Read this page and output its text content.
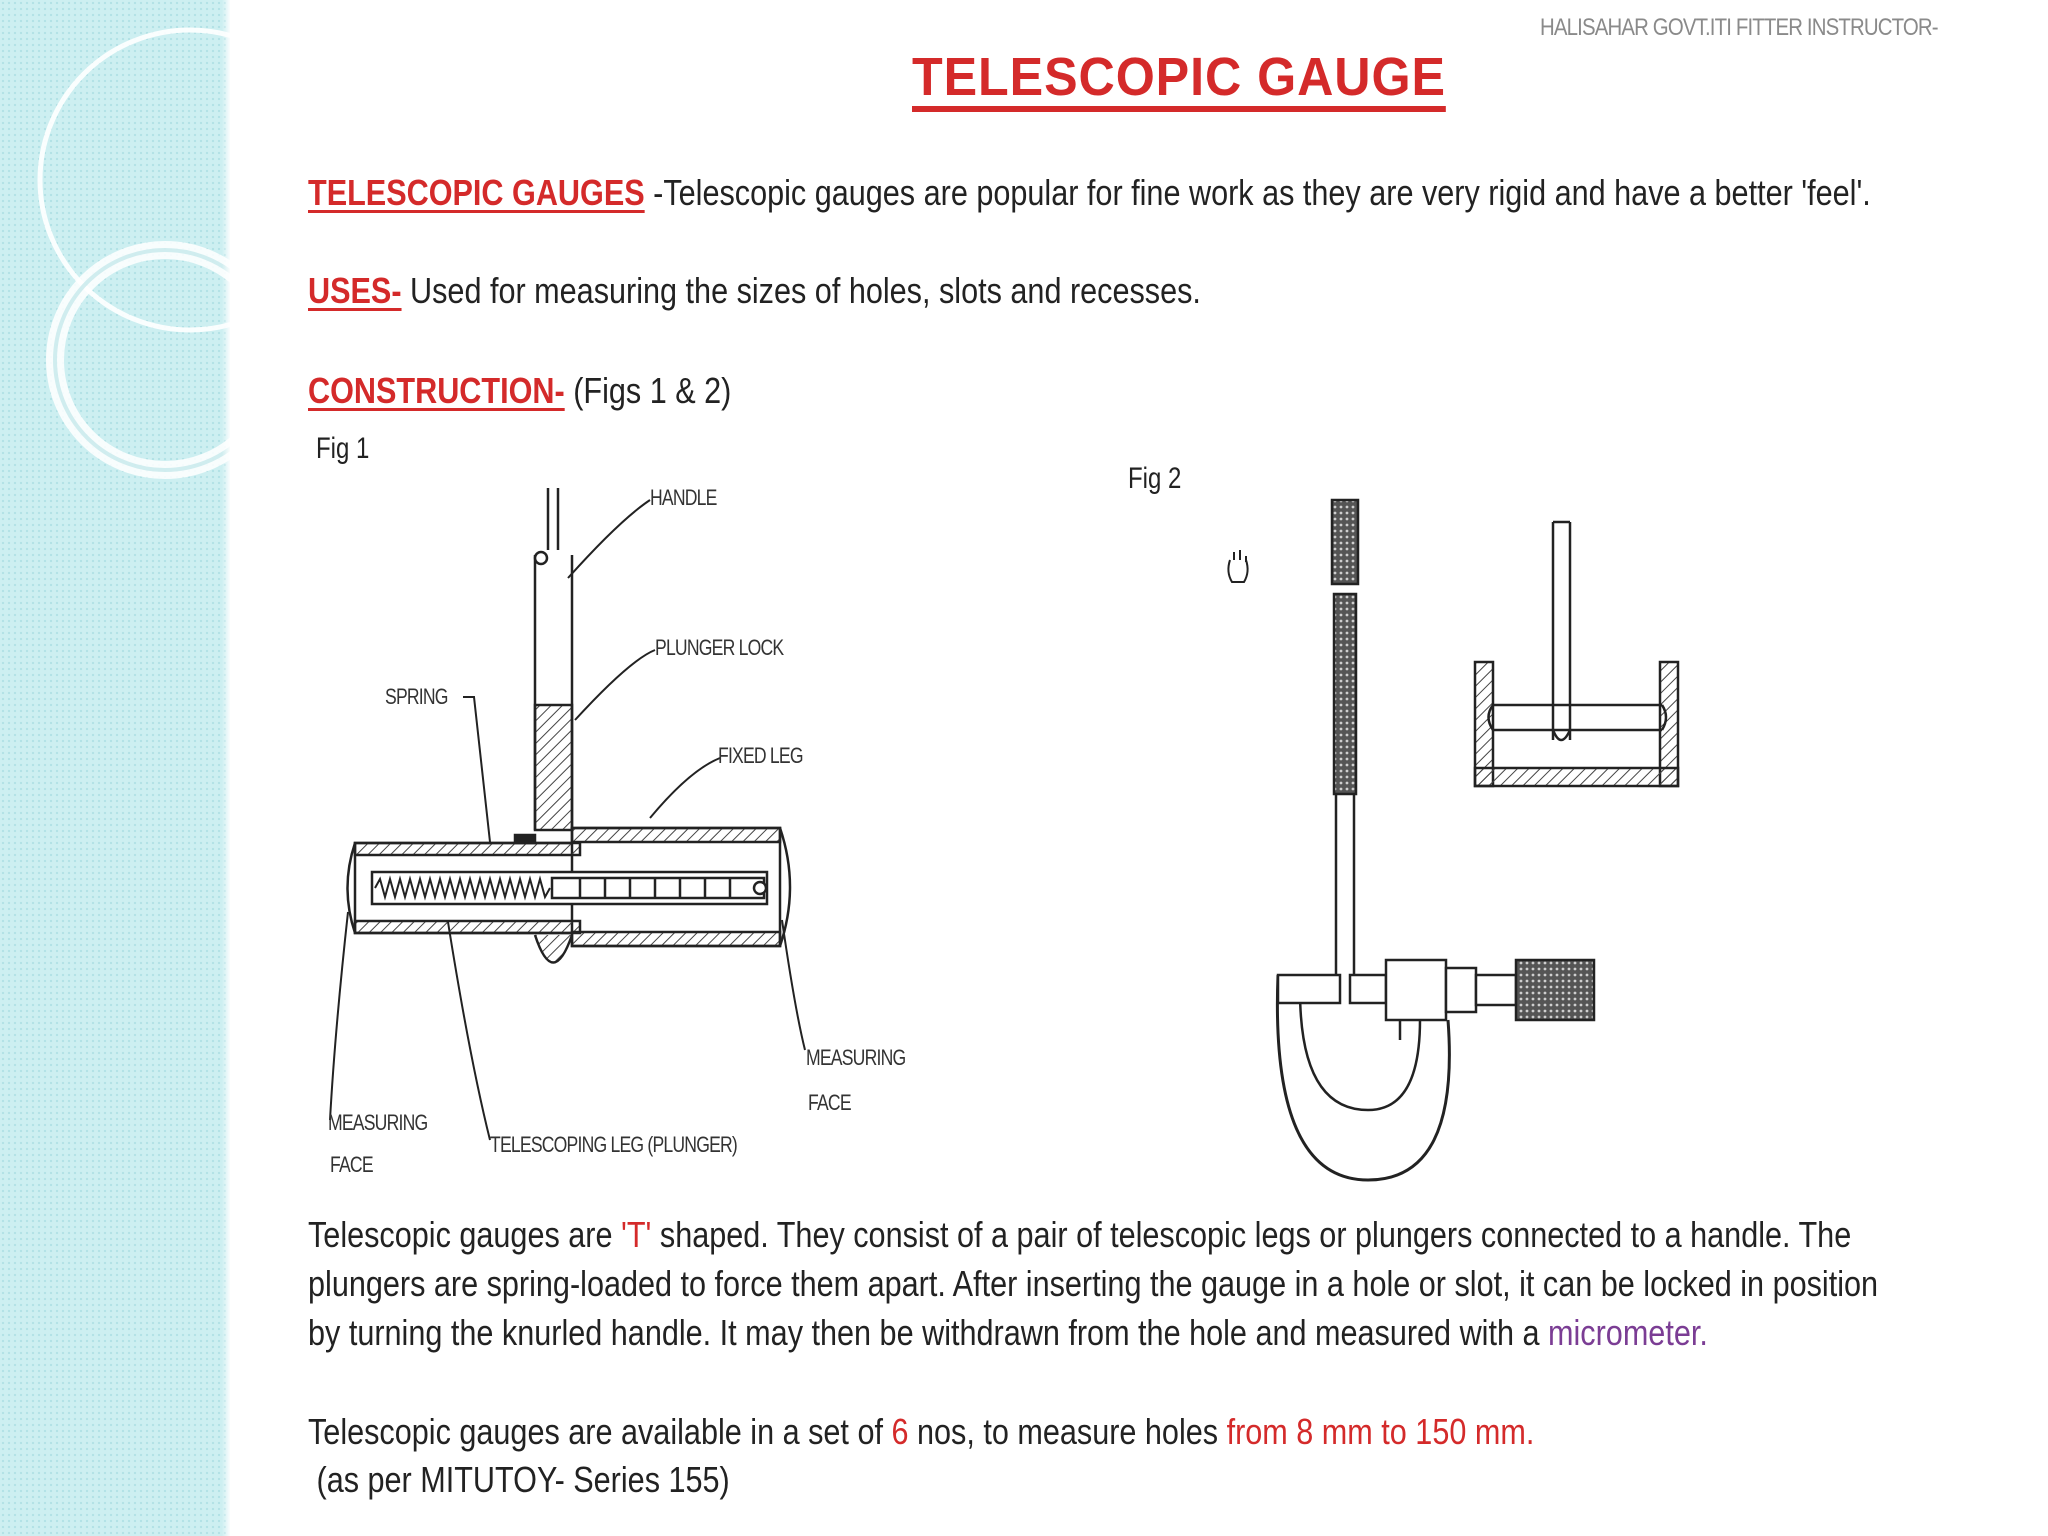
HALISAHAR GOVT.ITI FITTER INSTRUCTOR-
TELESCOPIC GAUGE
TELESCOPIC GAUGES -Telescopic gauges are popular for fine work as they are very rigid and have a better 'feel'.
USES- Used for measuring the sizes of holes, slots and recesses.
CONSTRUCTION- (Figs 1 & 2)
Fig 1
Fig 2
HANDLE
PLUNGER LOCK
SPRING
FIXED LEG
MEASURING
FACE
TELESCOPING LEG (PLUNGER)
MEASURING
FACE
Telescopic gauges are 'T' shaped. They consist of a pair of telescopic legs or plungers connected to a handle. The
plungers are spring-loaded to force them apart. After inserting the gauge in a hole or slot, it can be locked in position
by turning the knurled handle. It may then be withdrawn from the hole and measured with a micrometer.
Telescopic gauges are available in a set of 6 nos, to measure holes from 8 mm to 150 mm.
(as per MITUTOY- Series 155)
